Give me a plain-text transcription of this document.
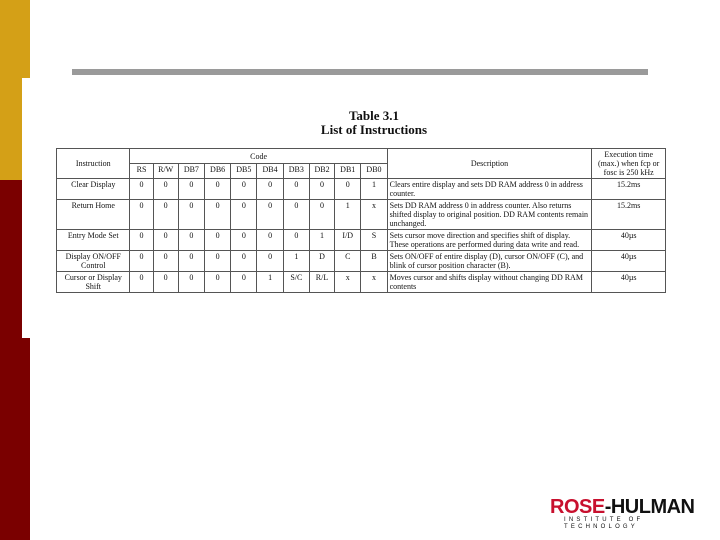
Table 3.1
List of Instructions
Instruction	Code										Description	Execution time (max.) when fcp or fosc is 250 kHz
	RS	R/W	DB7	DB6	DB5	DB4	DB3	DB2	DB1	DB0		
Clear Display	0	0	0	0	0	0	0	0	0	1	Clears entire display and sets DD RAM address 0 in address counter.	15.2ms
Return Home	0	0	0	0	0	0	0	0	1	x	Sets DD RAM address 0 in address counter. Also returns shifted display to original position. DD RAM contents remain unchanged.	15.2ms
Entry Mode Set	0	0	0	0	0	0	0	1	I/D	S	Sets cursor move direction and specifies shift of display. These operations are performed during data write and read.	40µs
Display ON/OFF Control	0	0	0	0	0	0	1	D	C	B	Sets ON/OFF of entire display (D), cursor ON/OFF (C), and blink of cursor position character (B).	40µs
Cursor or Display Shift	0	0	0	0	0	1	S/C	R/L	x	x	Moves cursor and shifts display without changing DD RAM contents	40µs
ROSE-HULMAN
INSTITUTE OF TECHNOLOGY
